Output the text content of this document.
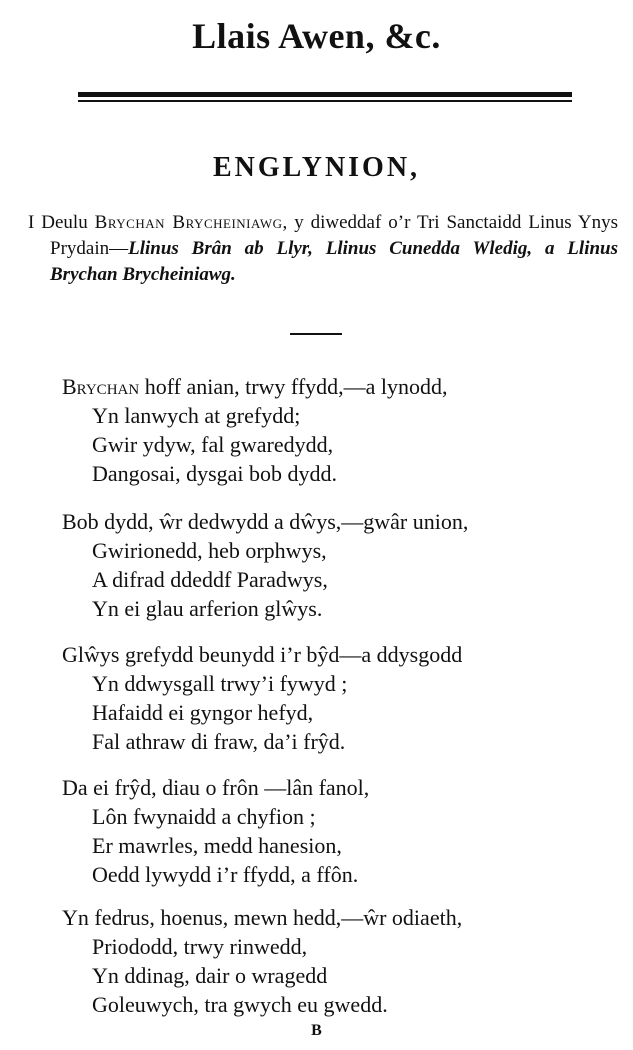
Llais Awen, &c.
ENGLYNION,
I Deulu Brychan Brycheiniawg, y diweddaf o’r Tri Sanctaidd Linus Ynys Prydain—Llinus Brân ab Llyr, Llinus Cunedda Wledig, a Llinus Brychan Brycheiniawg.
Brychan hoff anian, trwy ffydd,—a lynodd,
Yn lanwych at grefydd;
Gwir ydyw, fal gwaredydd,
Dangosai, dysgai bob dydd.
Bob dydd, ŵr dedwydd a dŵys,—gwâr union,
Gwirionedd, heb orphwys,
A difrad ddeddf Paradwys,
Yn ei glau arferion glŵys.
Glŵys grefydd beunydd i’r bŷd—a ddysgodd
Yn ddwysgall trwy’i fywyd ;
Hafaidd ei gyngor hefyd,
Fal athraw di fraw, da’i frŷd.
Da ei frŷd, diau o frôn —lân fanol,
Lôn fwynaidd a chyfion ;
Er mawrles, medd hanesion,
Oedd lywydd i’r ffydd, a ffôn.
Yn fedrus, hoenus, mewn hedd,—ŵr odiaeth,
Priododd, trwy rinwedd,
Yn ddinag, dair o wragedd
Goleuwych, tra gwych eu gwedd.
B
